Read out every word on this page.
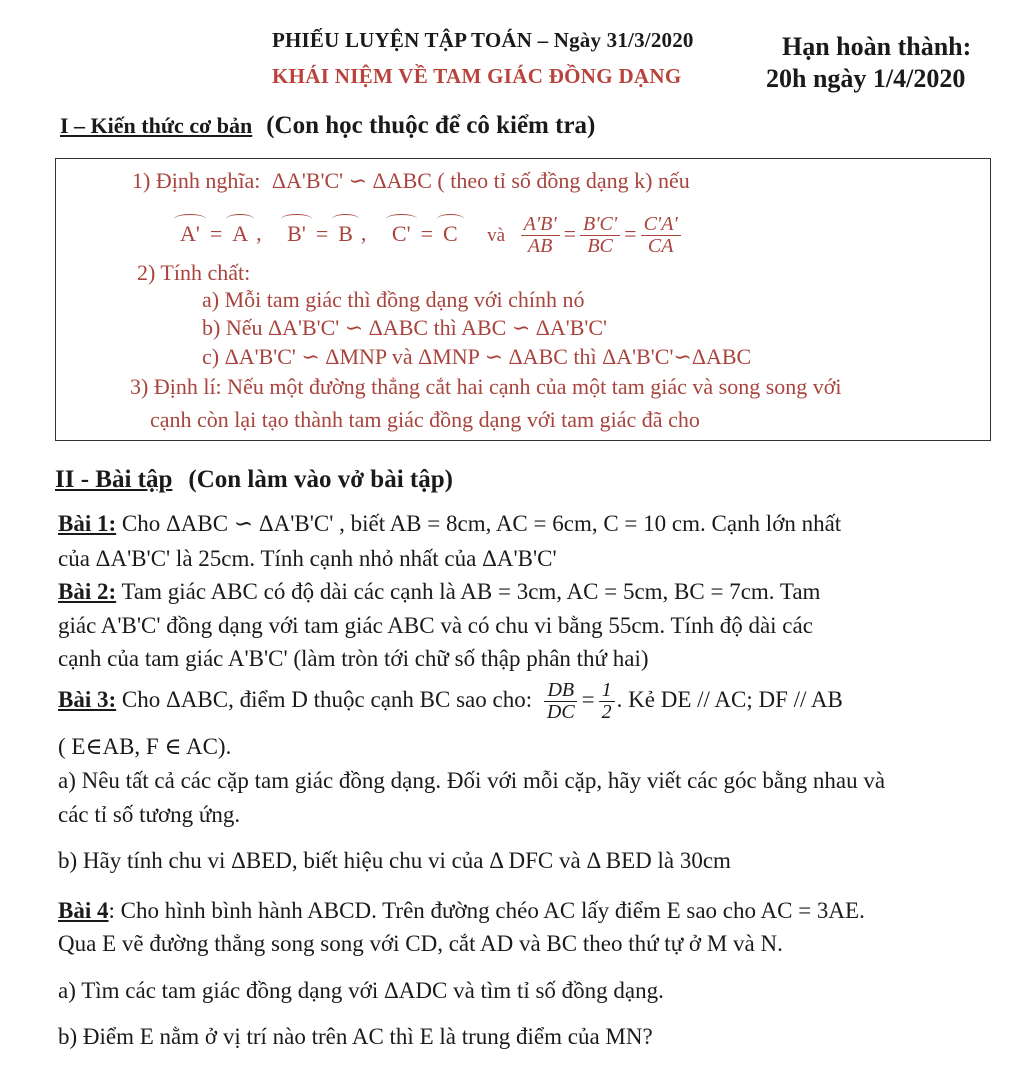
PHIẾU LUYỆN TẬP TOÁN – Ngày 31/3/2020
KHÁI NIỆM VỀ TAM GIÁC ĐỒNG DẠNG
Hạn hoàn thành:
20h ngày 1/4/2020
I – Kiến thức cơ bản (Con học thuộc để cô kiểm tra)
1) Định nghĩa: ΔA'B'C' ∽ ΔABC ( theo tỉ số đồng dạng k) nếu
A' = A , B' = B , C' = C và $\frac{A'B'}{AB} = \frac{B'C'}{BC} = \frac{C'A'}{CA}$
2) Tính chất:
a) Mỗi tam giác thì đồng dạng với chính nó
b) Nếu ΔA'B'C' ∽ ΔABC thì ABC ∽ ΔA'B'C'
c) ΔA'B'C' ∽ ΔMNP và ΔMNP ∽ ΔABC thì ΔA'B'C'∽ΔABC
3) Định lí: Nếu một đường thẳng cắt hai cạnh của một tam giác và song song với
cạnh còn lại tạo thành tam giác đồng dạng với tam giác đã cho
II - Bài tập (Con làm vào vở bài tập)
Bài 1: Cho ΔABC ∽ ΔA'B'C' , biết AB = 8cm, AC = 6cm, C = 10 cm. Cạnh lớn nhất
của ΔA'B'C' là 25cm. Tính cạnh nhỏ nhất của ΔA'B'C'
Bài 2: Tam giác ABC có độ dài các cạnh là AB = 3cm, AC = 5cm, BC = 7cm. Tam
giác A'B'C' đồng dạng với tam giác ABC và có chu vi bằng 55cm. Tính độ dài các
cạnh của tam giác A'B'C' (làm tròn tới chữ số thập phân thứ hai)
Bài 3: Cho ΔABC, điểm D thuộc cạnh BC sao cho: $\frac{DB}{DC} = \frac{1}{2}$ . Kẻ DE // AC; DF // AB
( E∈AB, F ∈ AC).
a) Nêu tất cả các cặp tam giác đồng dạng. Đối với mỗi cặp, hãy viết các góc bằng nhau và
các tỉ số tương ứng.
b) Hãy tính chu vi ΔBED, biết hiệu chu vi của Δ DFC và Δ BED là 30cm
Bài 4: Cho hình bình hành ABCD. Trên đường chéo AC lấy điểm E sao cho AC = 3AE.
Qua E vẽ đường thẳng song song với CD, cắt AD và BC theo thứ tự ở M và N.
a) Tìm các tam giác đồng dạng với ΔADC và tìm tỉ số đồng dạng.
b) Điểm E nằm ở vị trí nào trên AC thì E là trung điểm của MN?
